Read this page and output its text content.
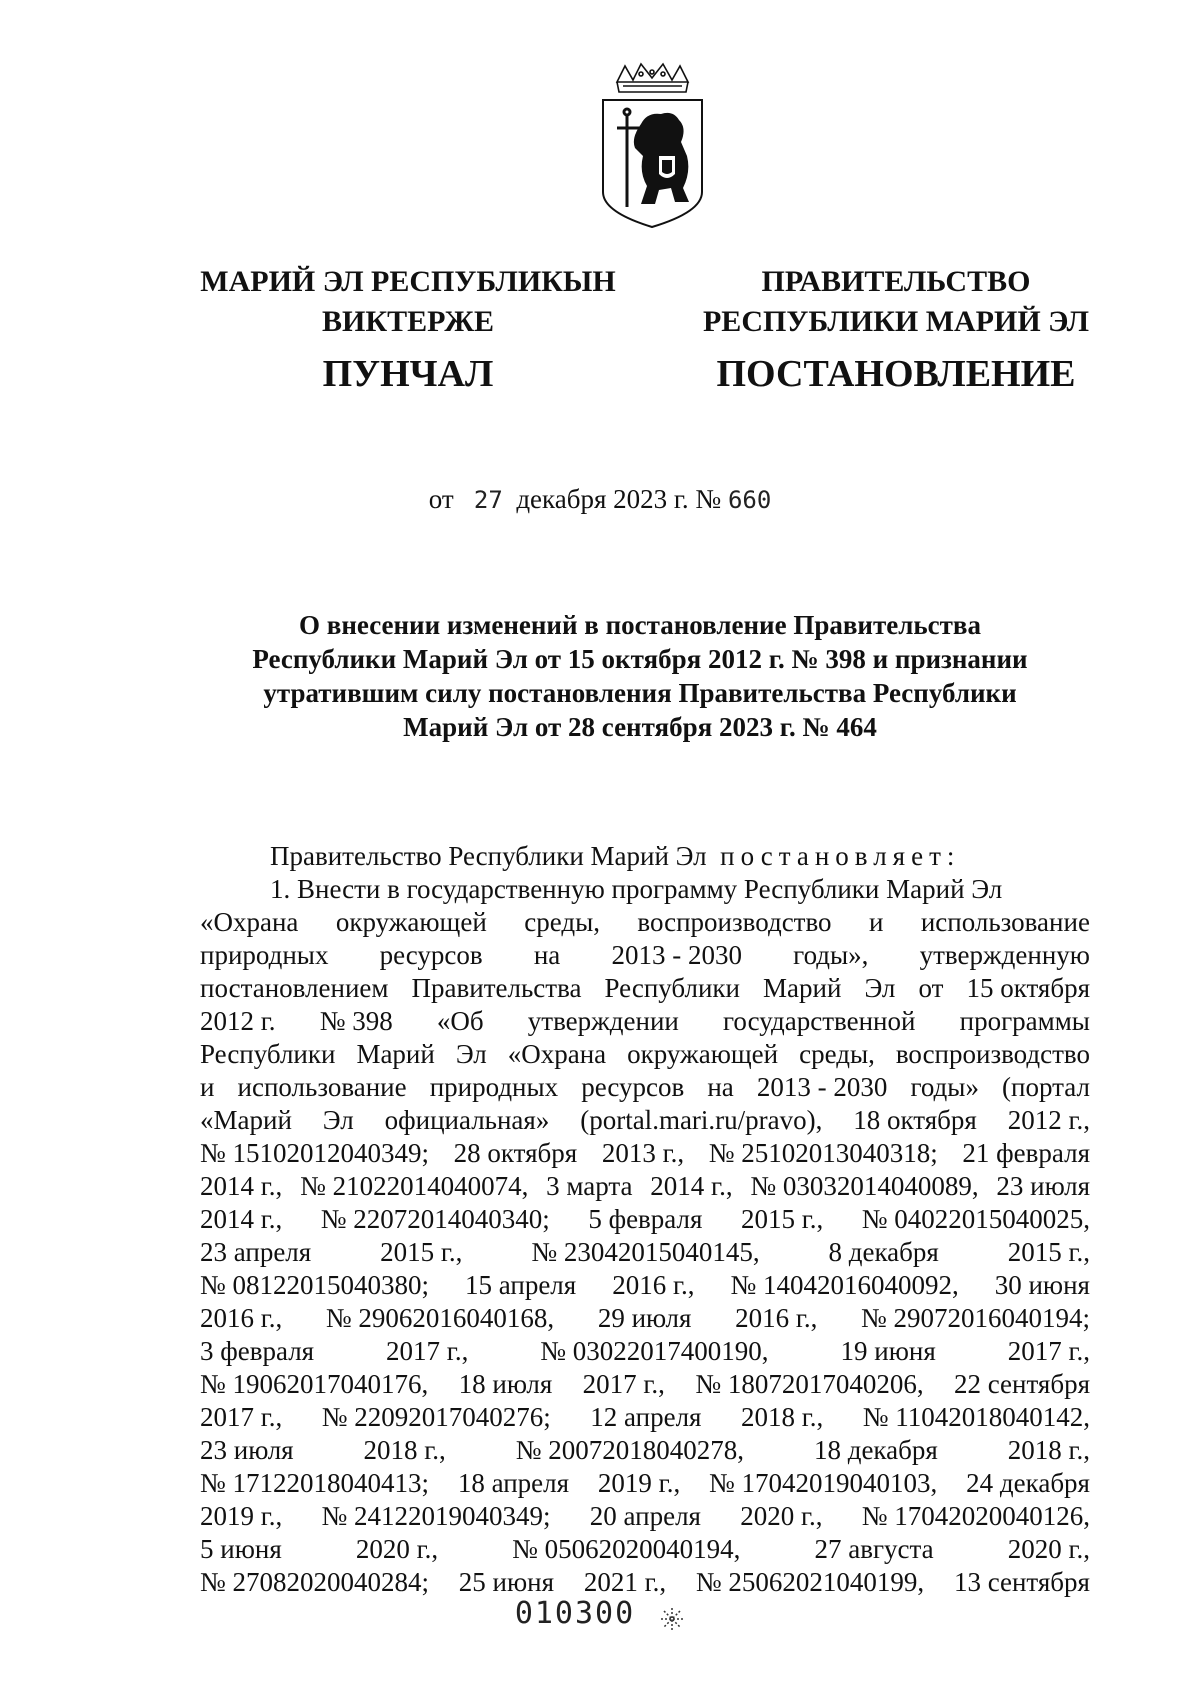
МАРИЙ ЭЛ РЕСПУБЛИКЫН
ВИКТЕРЖЕ
ПУНЧАЛ
ПРАВИТЕЛЬСТВО
РЕСПУБЛИКИ МАРИЙ ЭЛ
ПОСТАНОВЛЕНИЕ
от 27 декабря 2023 г. № 660
О внесении изменений в постановление Правительства
Республики Марий Эл от 15 октября 2012 г. № 398 и признании
утратившим силу постановления Правительства Республики
Марий Эл от 28 сентября 2023 г. № 464
Правительство Республики Марий Эл
постановляет:
1. Внести в государственную программу Республики Марий Эл

«Охрана окружающей среды, воспроизводство и использование
природных ресурсов на 2013 - 2030 годы», утвержденную
постановлением Правительства Республики Марий Эл от 15 октября
2012 г. № 398 «Об утверждении государственной программы
Республики Марий Эл «Охрана окружающей среды, воспроизводство
и использование природных ресурсов на 2013 - 2030 годы» (портал
«Марий Эл официальная» (portal.mari.ru/pravo), 18 октября 2012 г.,
№ 15102012040349; 28 октября 2013 г., № 25102013040318; 21 февраля
2014 г., № 21022014040074, 3 марта 2014 г., № 03032014040089, 23 июля
2014 г., № 22072014040340; 5 февраля 2015 г., № 04022015040025,
23 апреля	2015 г.,	№ 23042015040145,	8 декабря	2015 г.,
№ 08122015040380; 15 апреля 2016 г., № 14042016040092, 30 июня
2016 г., № 29062016040168, 29 июля 2016 г., № 29072016040194;
3 февраля	2017 г.,	№ 03022017400190,	19 июня	2017 г.,
№ 19062017040176, 18 июля 2017 г., № 18072017040206, 22 сентября
2017 г., № 22092017040276; 12 апреля 2018 г., № 11042018040142,
23 июля	2018 г.,	№ 20072018040278,	18 декабря	2018 г.,
№ 17122018040413; 18 апреля 2019 г., № 17042019040103, 24 декабря
2019 г., № 24122019040349; 20 апреля 2020 г., № 17042020040126,
5 июня	2020 г.,	№ 05062020040194,	27 августа	2020 г.,
№ 27082020040284; 25 июня 2021 г., № 25062021040199, 13 сентября
010300
